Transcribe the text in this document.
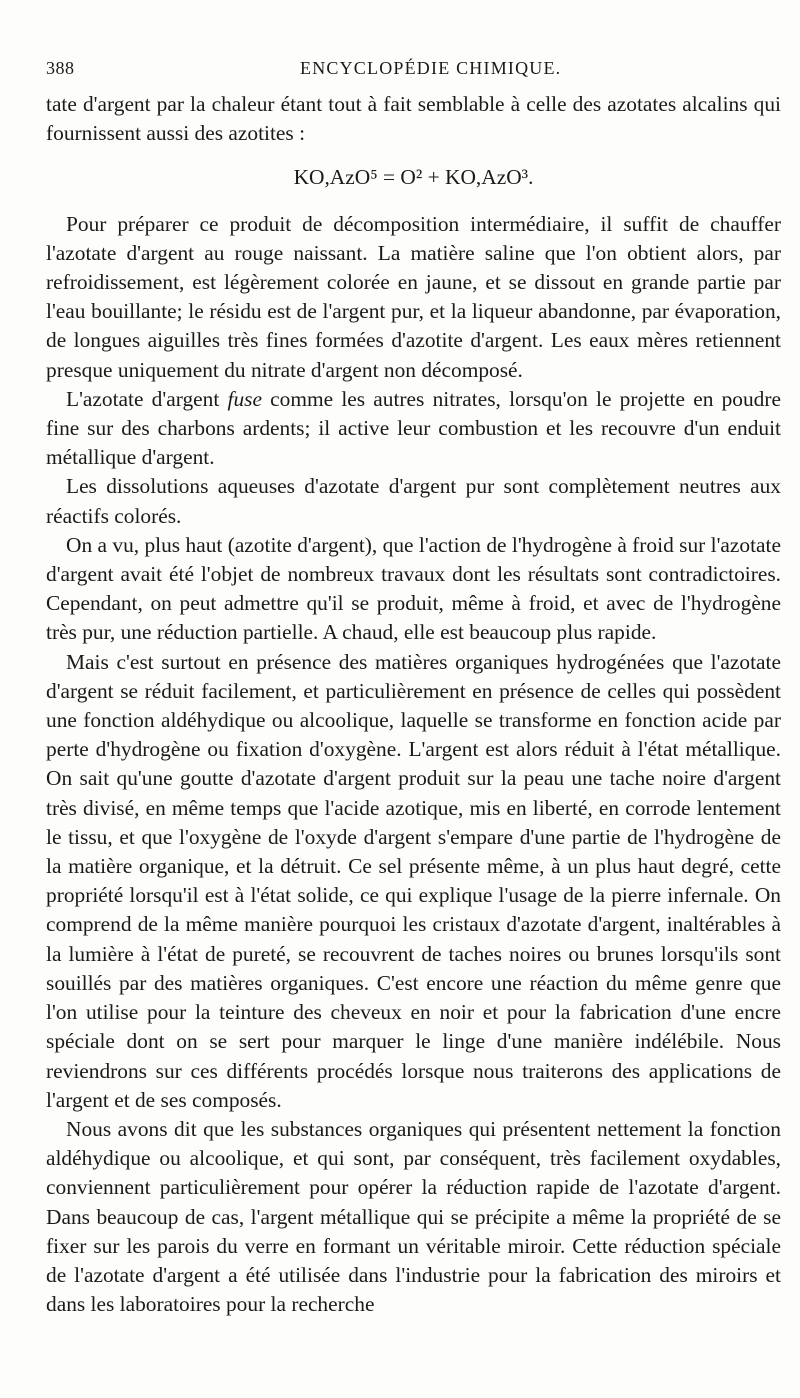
388	ENCYCLOPÉDIE CHIMIQUE.

tate d'argent par la chaleur étant tout à fait semblable à celle des azotates alcalins qui fournissent aussi des azotites :

KO,AzO⁵ = O² + KO,AzO³.

Pour préparer ce produit de décomposition intermédiaire, il suffit de chauffer l'azotate d'argent au rouge naissant. La matière saline que l'on obtient alors, par refroidissement, est légèrement colorée en jaune, et se dissout en grande partie par l'eau bouillante; le résidu est de l'argent pur, et la liqueur abandonne, par évaporation, de longues aiguilles très fines formées d'azotite d'argent. Les eaux mères retiennent presque uniquement du nitrate d'argent non décomposé.

L'azotate d'argent fuse comme les autres nitrates, lorsqu'on le projette en poudre fine sur des charbons ardents; il active leur combustion et les recouvre d'un enduit métallique d'argent.

Les dissolutions aqueuses d'azotate d'argent pur sont complètement neutres aux réactifs colorés.

On a vu, plus haut (azotite d'argent), que l'action de l'hydrogène à froid sur l'azotate d'argent avait été l'objet de nombreux travaux dont les résultats sont contradictoires. Cependant, on peut admettre qu'il se produit, même à froid, et avec de l'hydrogène très pur, une réduction partielle. A chaud, elle est beaucoup plus rapide.

Mais c'est surtout en présence des matières organiques hydrogénées que l'azotate d'argent se réduit facilement, et particulièrement en présence de celles qui possèdent une fonction aldéhydique ou alcoolique, laquelle se transforme en fonction acide par perte d'hydrogène ou fixation d'oxygène. L'argent est alors réduit à l'état métallique. On sait qu'une goutte d'azotate d'argent produit sur la peau une tache noire d'argent très divisé, en même temps que l'acide azotique, mis en liberté, en corrode lentement le tissu, et que l'oxygène de l'oxyde d'argent s'empare d'une partie de l'hydrogène de la matière organique, et la détruit. Ce sel présente même, à un plus haut degré, cette propriété lorsqu'il est à l'état solide, ce qui explique l'usage de la pierre infernale. On comprend de la même manière pourquoi les cristaux d'azotate d'argent, inaltérables à la lumière à l'état de pureté, se recouvrent de taches noires ou brunes lorsqu'ils sont souillés par des matières organiques. C'est encore une réaction du même genre que l'on utilise pour la teinture des cheveux en noir et pour la fabrication d'une encre spéciale dont on se sert pour marquer le linge d'une manière indélébile. Nous reviendrons sur ces différents procédés lorsque nous traiterons des applications de l'argent et de ses composés.

Nous avons dit que les substances organiques qui présentent nettement la fonction aldéhydique ou alcoolique, et qui sont, par conséquent, très facilement oxydables, conviennent particulièrement pour opérer la réduction rapide de l'azotate d'argent. Dans beaucoup de cas, l'argent métallique qui se précipite a même la propriété de se fixer sur les parois du verre en formant un véritable miroir. Cette réduction spéciale de l'azotate d'argent a été utilisée dans l'industrie pour la fabrication des miroirs et dans les laboratoires pour la recherche
